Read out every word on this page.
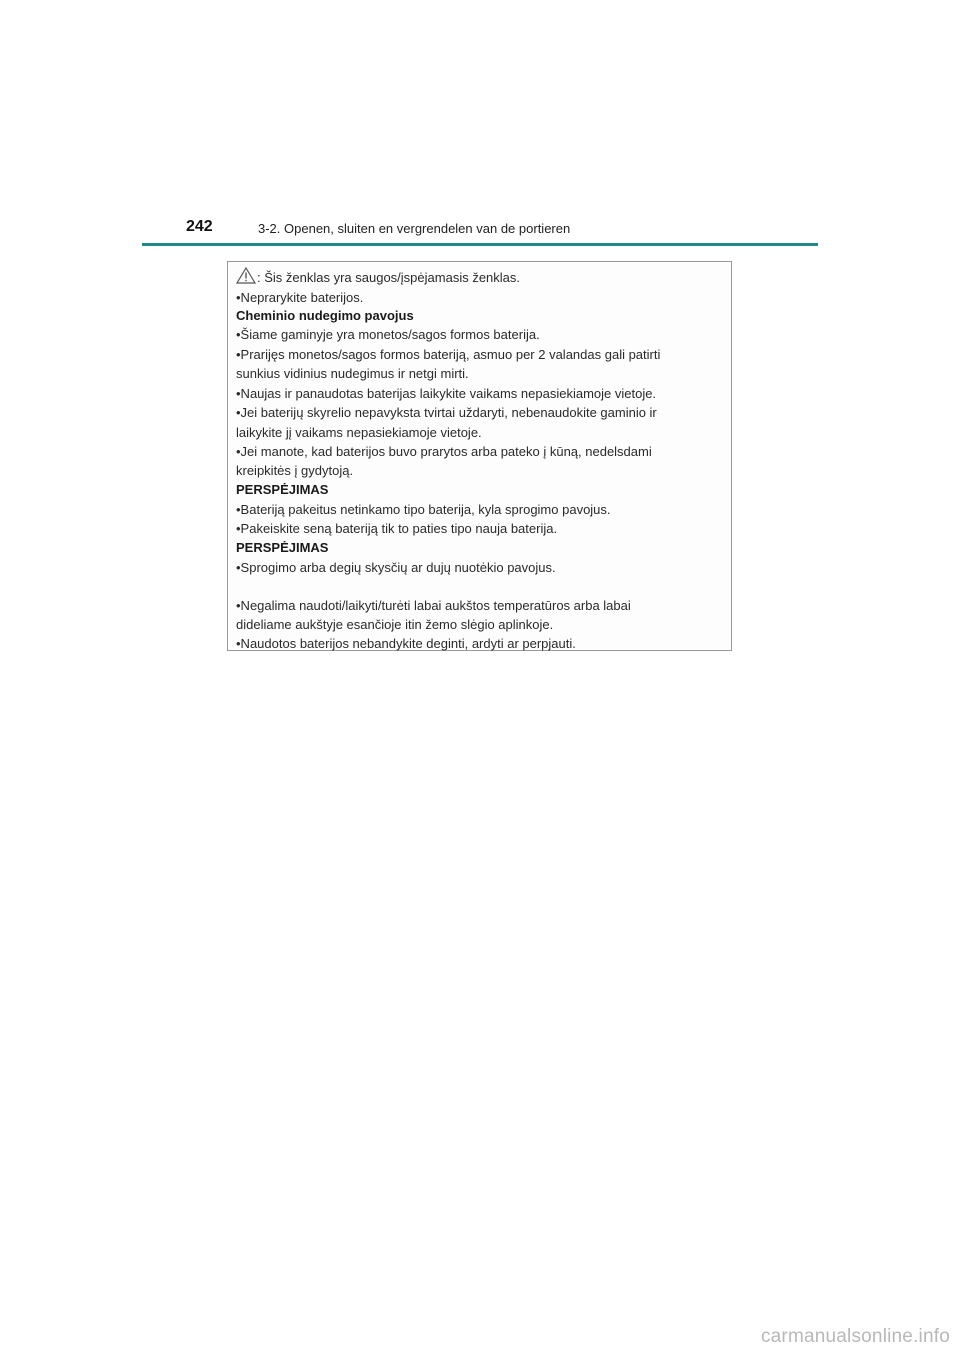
242	3-2. Openen, sluiten en vergrendelen van de portieren
: Šis ženklas yra saugos/įspėjamasis ženklas.
•Neprarykite baterijos.
Cheminio nudegimo pavojus
•Šiame gaminyje yra monetos/sagos formos baterija.
•Prarijęs monetos/sagos formos bateriją, asmuo per 2 valandas gali patirti
sunkius vidinius nudegimus ir netgi mirti.
•Naujas ir panaudotas baterijas laikykite vaikams nepasiekiamoje vietoje.
•Jei baterijų skyrelio nepavyksta tvirtai uždaryti, nebenaudokite gaminio ir
laikykite jį vaikams nepasiekiamoje vietoje.
•Jei manote, kad baterijos buvo prarytos arba pateko į kūną, nedelsdami
kreipkitės į gydytoją.
PERSPĖJIMAS
•Bateriją pakeitus netinkamo tipo baterija, kyla sprogimo pavojus.
•Pakeiskite seną bateriją tik to paties tipo nauja baterija.
PERSPĖJIMAS
•Sprogimo arba degių skysčių ar dujų nuotėkio pavojus.
•Negalima naudoti/laikyti/turėti labai aukštos temperatūros arba labai
dideliame aukštyje esančioje itin žemo slėgio aplinkoje.
•Naudotos baterijos nebandykite deginti, ardyti ar perpjauti.
carmanualsonline.info
